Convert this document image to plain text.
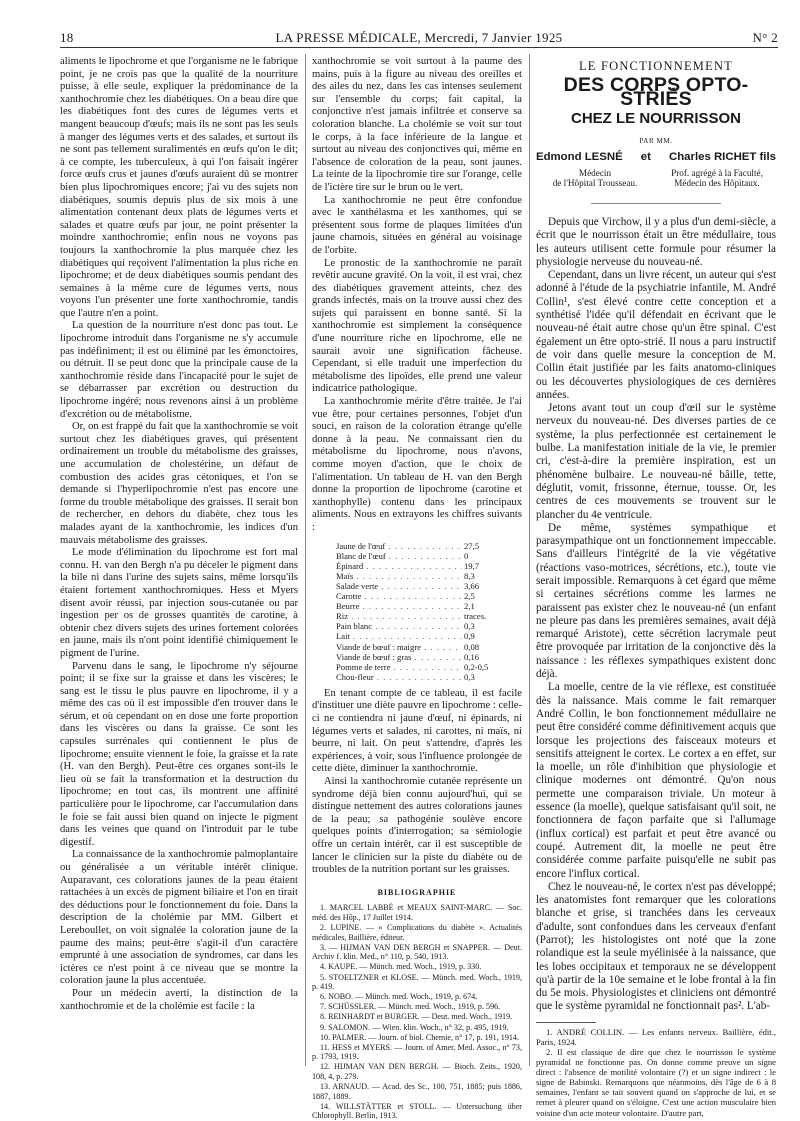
18	LA PRESSE MÉDICALE, Mercredi, 7 Janvier 1925	N° 2

aliments le lipochrome et que l'organisme ne le fabrique point, je ne crois pas que la qualité de la nourriture puisse, à elle seule, expliquer la prédominance de la xanthochromie chez les diabétiques. On a beau dire que les diabétiques font des cures de légumes verts et mangent beaucoup d'œufs; mais ils ne sont pas les seuls à manger des légumes verts et des salades, et surtout ils ne sont pas tellement suralimentés en œufs qu'on le dit; à ce compte, les tuberculeux, à qui l'on faisait ingérer force œufs crus et jaunes d'œufs auraient dû se montrer bien plus lipochromiques encore; j'ai vu des sujets non diabétiques, soumis depuis plus de six mois à une alimentation contenant deux plats de légumes verts et salades et quatre œufs par jour, ne point présenter la moindre xanthochromie; enfin nous ne voyons pas toujours la xanthochromie la plus marquée chez les diabétiques qui reçoivent l'alimentation la plus riche en lipochrome; et de deux diabétiques soumis pendant des semaines à la même cure de légumes verts, nous voyons l'un présenter une forte xanthochromie, tandis que l'autre n'en a point.

La question de la nourriture n'est donc pas tout. Le lipochrome introduit dans l'organisme ne s'y accumule pas indéfiniment; il est ou éliminé par les émonctoires, ou détruit. Il se peut donc que la principale cause de la xanthochromie réside dans l'incapacité pour le sujet de se débarrasser par excrétion ou destruction du lipochrome ingéré; nous revenons ainsi à un problème d'excrétion ou de métabolisme.

Or, on est frappé du fait que la xanthochromie se voit surtout chez les diabétiques graves, qui présentent ordinairement un trouble du métabolisme des graisses, une accumulation de cholestérine, un défaut de combustion des acides gras cétoniques, et l'on se demande si l'hyperlipochromie n'est pas encore une forme du trouble métabolique des graisses. Il serait bon de rechercher, en dehors du diabète, chez tous les malades ayant de la xanthochromie, les indices d'un mauvais métabolisme des graisses.

Le mode d'élimination du lipochrome est fort mal connu. H. van den Bergh n'a pu déceler le pigment dans la bile ni dans l'urine des sujets sains, même lorsqu'ils étaient fortement xanthochromiques. Hess et Myers disent avoir réussi, par injection sous-cutanée ou par ingestion per os de grosses quantités de carotine, à obtenir chez divers sujets des urines fortement colorées en jaune, mais ils n'ont point identifié chimiquement le pigment de l'urine.

Parvenu dans le sang, le lipochrome n'y séjourne point; il se fixe sur la graisse et dans les viscères; le sang est le tissu le plus pauvre en lipochrome, il y a même des cas où il est impossible d'en trouver dans le sérum, et où cependant on en dose une forte proportion dans les viscères ou dans la graisse. Ce sont les capsules surrénales qui contiennent le plus de lipochrome; ensuite viennent le foie, la graisse et la rate (H. van den Bergh). Peut-être ces organes sont-ils le lieu où se fait la transformation et la destruction du lipochrome; en tout cas, ils montrent une affinité particulière pour le lipochrome, car l'accumulation dans le foie se fait aussi bien quand on injecte le pigment dans les veines que quand on l'introduit par le tube digestif.

La connaissance de la xanthochromie palmoplantaire ou généralisée a un véritable intérêt clinique. Auparavant, ces colorations jaunes de la peau étaient rattachées à un excès de pigment biliaire et l'on en tirait des déductions pour le fonctionnement du foie. Dans la description de la cholémie par MM. Gilbert et Lereboullet, on voit signalée la coloration jaune de la paume des mains; peut-être s'agit-il d'un caractère emprunté à une association de syndromes, car dans les ictères ce n'est point à ce niveau que se montre la coloration jaune la plus accentuée.

Pour un médecin averti, la distinction de la xanthochromie et de la cholémie est facile : la

xanthochromie se voit surtout à la paume des mains, puis à la figure au niveau des oreilles et des ailes du nez, dans les cas intenses seulement sur l'ensemble du corps; fait capital, la conjonctive n'est jamais infiltrée et conserve sa coloration blanche. La cholémie se voit sur tout le corps, à la face inférieure de la langue et surtout au niveau des conjonctives qui, même en l'absence de coloration de la peau, sont jaunes. La teinte de la lipochromie tire sur l'orange, celle de l'ictère tire sur le brun ou le vert.

La xanthochromie ne peut être confondue avec le xanthélasma et les xanthomes, qui se présentent sous forme de plaques limitées d'un jaune chamois, situées en général au voisinage de l'orbite.

Le pronostic de la xanthochromie ne paraît revêtir aucune gravité. On la voit, il est vrai, chez des diabétiques gravement atteints, chez des grands infectés, mais on la trouve aussi chez des sujets qui paraissent en bonne santé. Si la xanthochromie est simplement la conséquence d'une nourriture riche en lipochrome, elle ne saurait avoir une signification fâcheuse. Cependant, si elle traduit une imperfection du métabolisme des lipoïdes, elle prend une valeur indicatrice pathologique.

La xanthochromie mérite d'être traitée. Je l'ai vue être, pour certaines personnes, l'objet d'un souci, en raison de la coloration étrange qu'elle donne à la peau. Ne connaissant rien du métabolisme du lipochrome, nous n'avons, comme moyen d'action, que le choix de l'alimentation. Un tableau de H. van den Bergh donne la proportion de lipochrome (carotine et xanthophylle) contenu dans les principaux aliments. Nous en extrayons les chiffres suivants :

Jaune de l'œuf . . .	27,5
Blanc de l'œuf . . .	0
Épinard . . .	19,7
Maïs . . .	8,3
Salade verte . . .	3,66
Carotte . . .	2,5
Beurre . . .	2,1
Riz . . .	traces.
Pain blanc . . .	0,3
Lait . . .	0,9
Viande de bœuf : maigre . . .	0,08
Viande de bœuf : gras . . .	0,16
Pomme de terre . . .	0,2-0,5
Chou-fleur . . .	0,3

En tenant compte de ce tableau, il est facile d'instituer une diète pauvre en lipochrome : celle-ci ne contiendra ni jaune d'œuf, ni épinards, ni légumes verts et salades, ni carottes, ni maïs, ni beurre, ni lait. On peut s'attendre, d'après les expériences, à voir, sous l'influence prolongée de cette diète, diminuer la xanthochromie.

Ainsi la xanthochromie cutanée représente un syndrome déjà bien connu aujourd'hui, qui se distingue nettement des autres colorations jaunes de la peau; sa pathogénie soulève encore quelques points d'interrogation; sa sémiologie offre un certain intérêt, car il est susceptible de lancer le clinicien sur la piste du diabète ou de troubles de la nutrition portant sur les graisses.

BIBLIOGRAPHIE
1. MARCEL LABBÉ et MEAUX SAINT-MARC. — Soc. méd. des Hôp., 17 Juillet 1914.
2. LUPINE. — « Complications du diabète ». Actualités médicales, Baillière, éditeur.
3. — HIJMAN VAN DEN BERGH et SNAPPER. — Deut. Archiv f. klin. Med., n° 110, p. 540, 1913.
4. KAUPE. — Münch. med. Woch., 1919, p. 330.
5. STOELTZNER et KLOSE. — Münch. med. Woch., 1919, p. 419.
6. NOBO. — Münch. med. Woch., 1919, p. 674.
7. SCHÜSSLER. — Münch. med. Woch., 1919, p. 596.
8. REINHARDT et BURGER. — Deut. med. Woch., 1919.
9. SALOMON. — Wien. klin. Woch., n° 32, p. 495, 1919.
10. PALMER. — Journ. of biol. Chemie, n° 17, p. 191, 1914.
11. HESS et MYERS. — Journ. of Amer. Med. Assoc., n° 73, p. 1793, 1919.
12. HIJMAN VAN DEN BERGH. — Bioch. Zeits., 1920, 108, 4, p. 279.
13. ARNAUD. — Acad. des Sc., 100, 751, 1885; puis 1886, 1887, 1889.
14. WILLSTÄTTER et STOLL. — Untersuchung über Chlorophyll. Berlin, 1913.
LE FONCTIONNEMENT
DES CORPS OPTO-STRIÉS
CHEZ LE NOURRISSON
PAR MM.
Edmond LESNÉ et Charles RICHET fils
Médecin
de l'Hôpital Trousseau.
Prof. agrégé à la Faculté,
Médecin des Hôpitaux.

Depuis que Virchow, il y a plus d'un demi-siècle, a écrit que le nourrisson était un être médullaire, tous les auteurs utilisent cette formule pour résumer la physiologie nerveuse du nouveau-né.

Cependant, dans un livre récent, un auteur qui s'est adonné à l'étude de la psychiatrie infantile, M. André Collin¹, s'est élevé contre cette conception et a synthétisé l'idée qu'il défendait en écrivant que le nouveau-né était autre chose qu'un être spinal. C'est également un être opto-strié. Il nous a paru instructif de voir dans quelle mesure la conception de M. Collin était justifiée par les faits anatomo-cliniques ou les découvertes physiologiques de ces dernières années.

Jetons avant tout un coup d'œil sur le système nerveux du nouveau-né. Des diverses parties de ce système, la plus perfectionnée est certainement le bulbe. La manifestation initiale de la vie, le premier cri, c'est-à-dire la première inspiration, est un phénomène bulbaire. Le nouveau-né bâille, tette, déglutit, vomit, frissonne, éternue, tousse. Or, les centres de ces mouvements se trouvent sur le plancher du 4e ventricule.

De même, systèmes sympathique et parasympathique ont un fonctionnement impeccable. Sans d'ailleurs l'intégrité de la vie végétative (réactions vaso-motrices, sécrétions, etc.), toute vie serait impossible. Remarquons à cet égard que même si certaines sécrétions comme les larmes ne paraissent pas exister chez le nouveau-né (un enfant ne pleure pas dans les premières semaines, avait déjà remarqué Aristote), cette sécrétion lacrymale peut être provoquée par irritation de la conjonctive dès la naissance : les réflexes sympathiques existent donc déjà.

La moelle, centre de la vie réflexe, est constituée dès la naissance. Mais comme le fait remarquer André Collin, le bon fonctionnement médullaire ne peut être considéré comme définitivement acquis que lorsque les projections des faisceaux moteurs et sensitifs atteignent le cortex. Le cortex a en effet, sur la moelle, un rôle d'inhibition que physiologie et clinique modernes ont démontré. Qu'on nous permette une comparaison triviale. Un moteur à essence (la moelle), quelque satisfaisant qu'il soit, ne fonctionnera de façon parfaite que si l'allumage (influx cortical) est parfait et peut être avancé ou coupé. Autrement dit, la moelle ne peut être considérée comme parfaite puisqu'elle ne subit pas encore l'influx cortical.

Chez le nouveau-né, le cortex n'est pas développé; les anatomistes font remarquer que les colorations blanche et grise, si tranchées dans les cerveaux d'adulte, sont confondues dans les cerveaux d'enfant (Parrot); les histologistes ont noté que la zone rolandique est la seule myélinisée à la naissance, que les lobes occipitaux et temporaux ne se développent qu'à partir de la 10e semaine et le lobe frontal à la fin du 5e mois. Physiologistes et cliniciens ont démontré que le système pyramidal ne fonctionnait pas². L'ab-

1. ANDRÉ COLLIN. — Les enfants nerveux. Baillière, édit., Paris, 1924.
2. Il est classique de dire que chez le nourrisson le système pyramidal ne fonctionne pas. On donne comme preuve un signe direct : l'absence de motilité volontaire (?) et un signe indirect : le signe de Babinski. Remarquons que néanmoins, dès l'âge de 6 à 8 semaines, l'enfant se tait souvent quand on s'approche de lui, et se remet à pleurer quand on s'éloigne. C'est une action musculaire bien voisine d'un acte moteur volontaire. D'autre part,
